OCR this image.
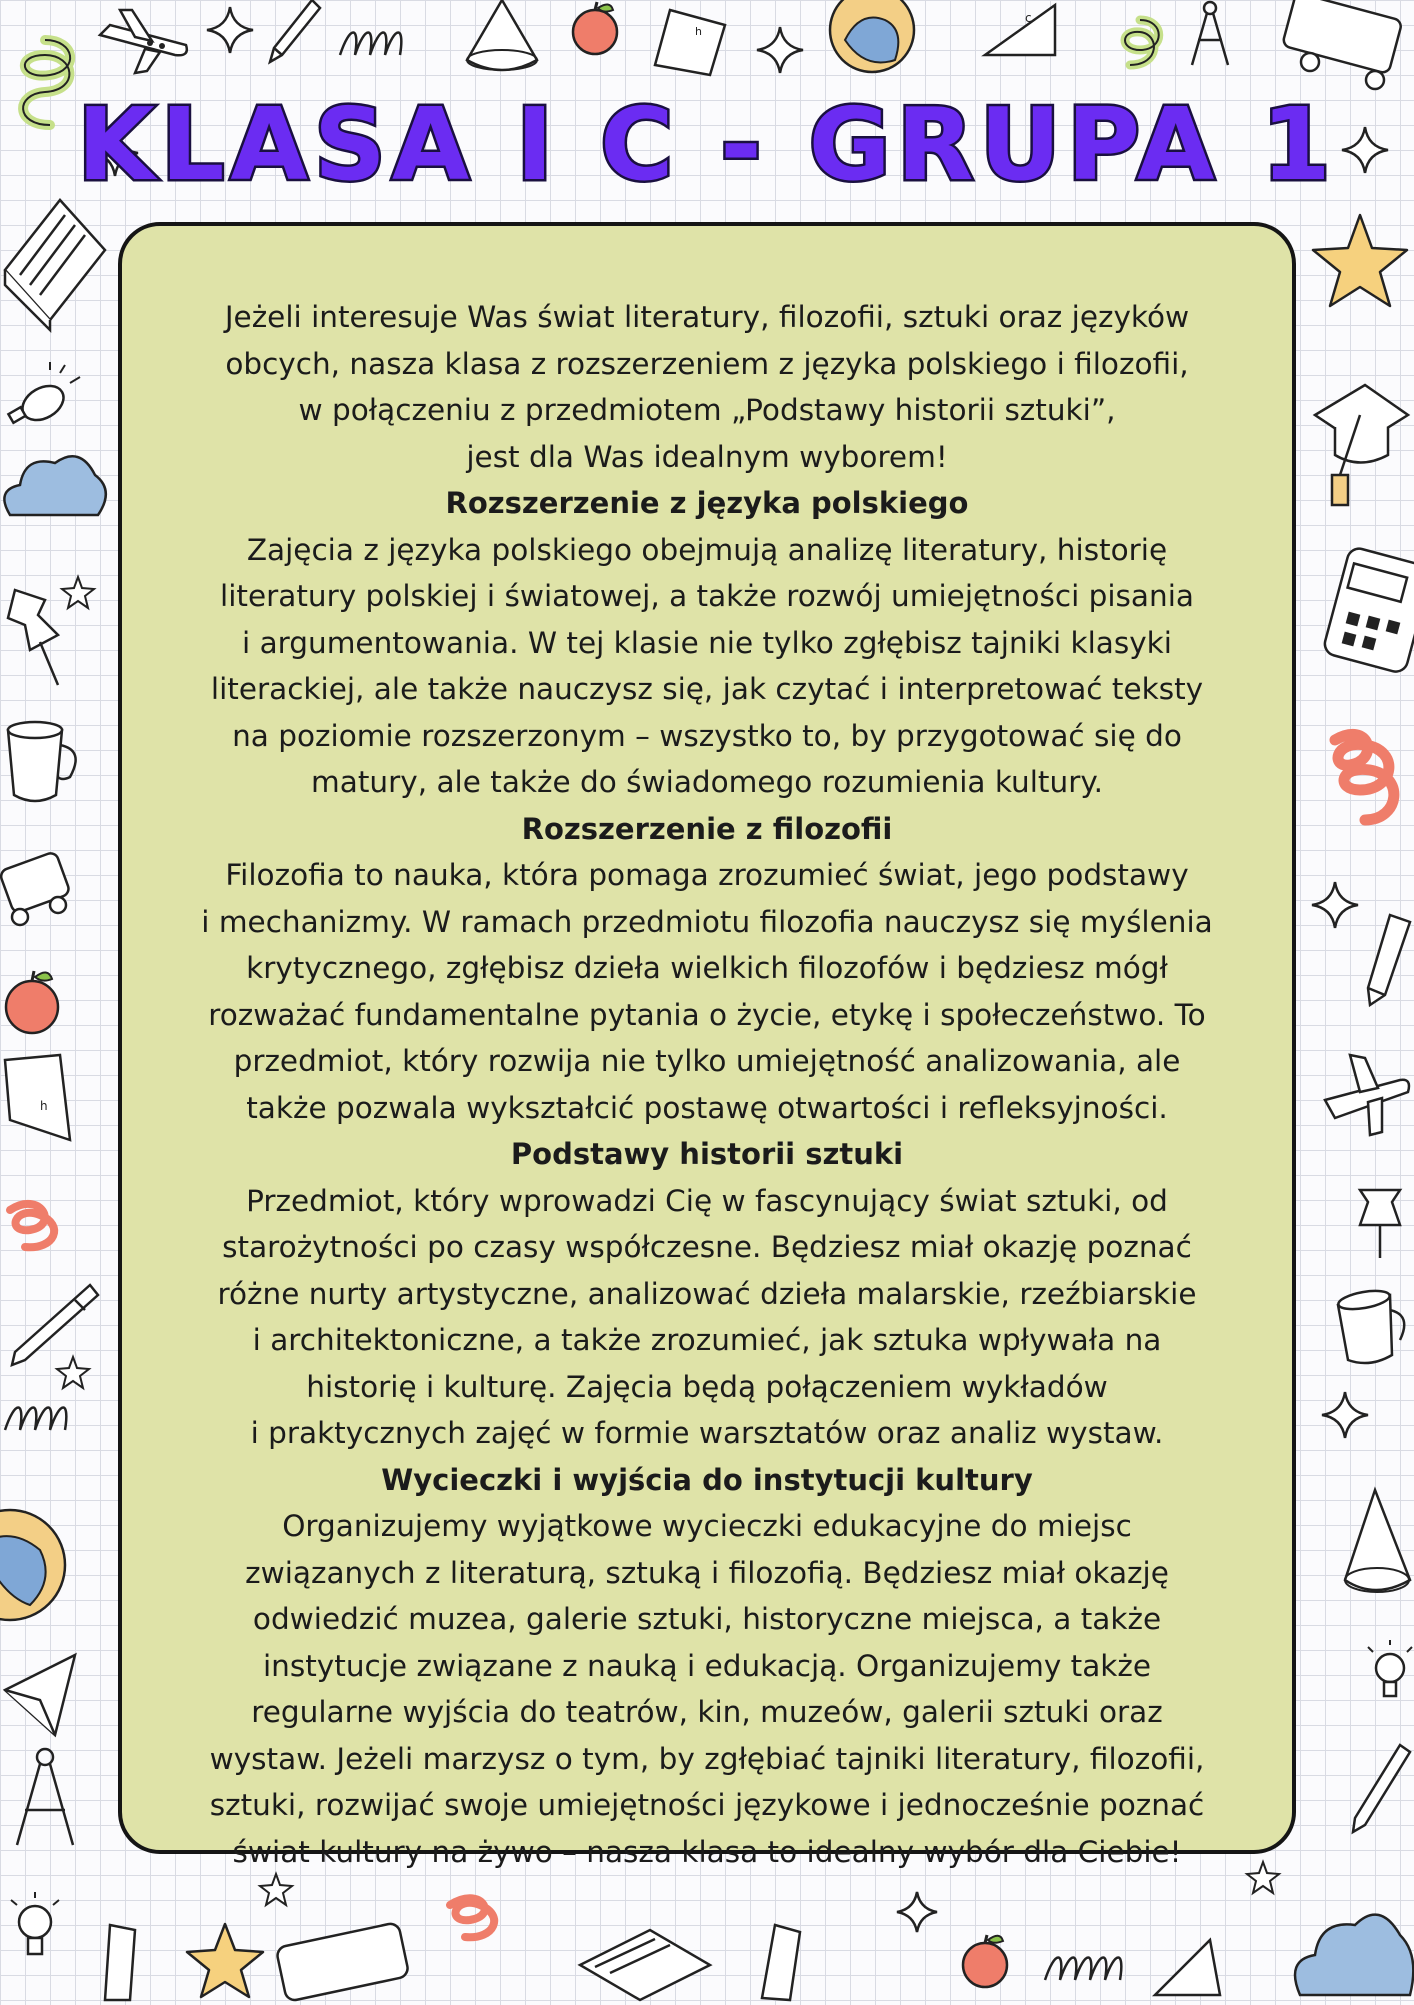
h
c
h
KLASA I C - GRUPA 1

Jeżeli interesuje Was świat literatury, filozofii, sztuki oraz języków

obcych, nasza klasa z rozszerzeniem z języka polskiego i filozofii,

w połączeniu z przedmiotem „Podstawy historii sztuki”,

jest dla Was idealnym wyborem!

Rozszerzenie z języka polskiego

Zajęcia z języka polskiego obejmują analizę literatury, historię

literatury polskiej i światowej, a także rozwój umiejętności pisania

i argumentowania. W tej klasie nie tylko zgłębisz tajniki klasyki

literackiej, ale także nauczysz się, jak czytać i interpretować teksty

na poziomie rozszerzonym – wszystko to, by przygotować się do

matury, ale także do świadomego rozumienia kultury.

Rozszerzenie z filozofii

Filozofia to nauka, która pomaga zrozumieć świat, jego podstawy

i mechanizmy. W ramach przedmiotu filozofia nauczysz się myślenia

krytycznego, zgłębisz dzieła wielkich filozofów i będziesz mógł

rozważać fundamentalne pytania o życie, etykę i społeczeństwo. To

przedmiot, który rozwija nie tylko umiejętność analizowania, ale

także pozwala wykształcić postawę otwartości i refleksyjności.

Podstawy historii sztuki

Przedmiot, który wprowadzi Cię w fascynujący świat sztuki, od

starożytności po czasy współczesne. Będziesz miał okazję poznać

różne nurty artystyczne, analizować dzieła malarskie, rzeźbiarskie

i architektoniczne, a także zrozumieć, jak sztuka wpływała na

historię i kulturę. Zajęcia będą połączeniem wykładów

i praktycznych zajęć w formie warsztatów oraz analiz wystaw.

Wycieczki i wyjścia do instytucji kultury

Organizujemy wyjątkowe wycieczki edukacyjne do miejsc

związanych z literaturą, sztuką i filozofią. Będziesz miał okazję

odwiedzić muzea, galerie sztuki, historyczne miejsca, a także

instytucje związane z nauką i edukacją. Organizujemy także

regularne wyjścia do teatrów, kin, muzeów, galerii sztuki oraz

wystaw. Jeżeli marzysz o tym, by zgłębiać tajniki literatury, filozofii,

sztuki, rozwijać swoje umiejętności językowe i jednocześnie poznać

świat kultury na żywo – nasza klasa to idealny wybór dla Ciebie!
